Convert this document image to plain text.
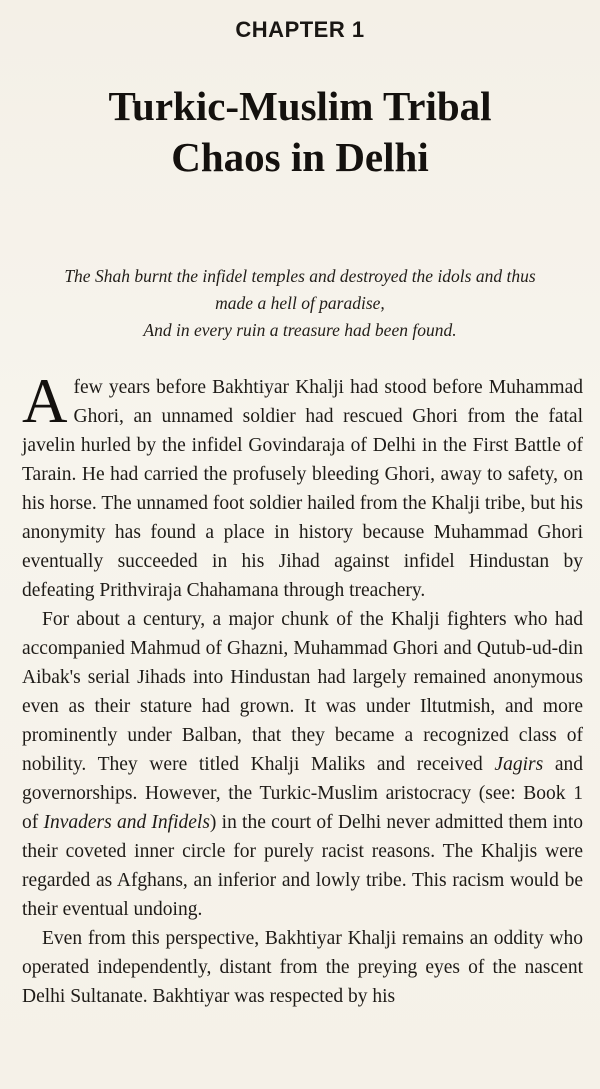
CHAPTER 1
Turkic-Muslim Tribal
Chaos in Delhi
The Shah burnt the infidel temples and destroyed the idols and thus
made a hell of paradise,
And in every ruin a treasure had been found.

Afew years before Bakhtiyar Khalji had stood before Muhammad Ghori, an unnamed soldier had rescued Ghori from the fatal javelin hurled by the infidel Govindaraja of Delhi in the First Battle of Tarain. He had carried the profusely bleeding Ghori, away to safety, on his horse. The unnamed foot soldier hailed from the Khalji tribe, but his anonymity has found a place in history because Muhammad Ghori eventually succeeded in his Jihad against infidel Hindustan by defeating Prithviraja Chahamana through treachery.

For about a century, a major chunk of the Khalji fighters who had accompanied Mahmud of Ghazni, Muhammad Ghori and Qutub-ud-din Aibak's serial Jihads into Hindustan had largely remained anonymous even as their stature had grown. It was under Iltutmish, and more prominently under Balban, that they became a recognized class of nobility. They were titled Khalji Maliks and received Jagirs and governorships. However, the Turkic-Muslim aristocracy (see: Book 1 of Invaders and Infidels) in the court of Delhi never admitted them into their coveted inner circle for purely racist reasons. The Khaljis were regarded as Afghans, an inferior and lowly tribe. This racism would be their eventual undoing.

Even from this perspective, Bakhtiyar Khalji remains an oddity who operated independently, distant from the preying eyes of the nascent Delhi Sultanate. Bakhtiyar was respected by his
